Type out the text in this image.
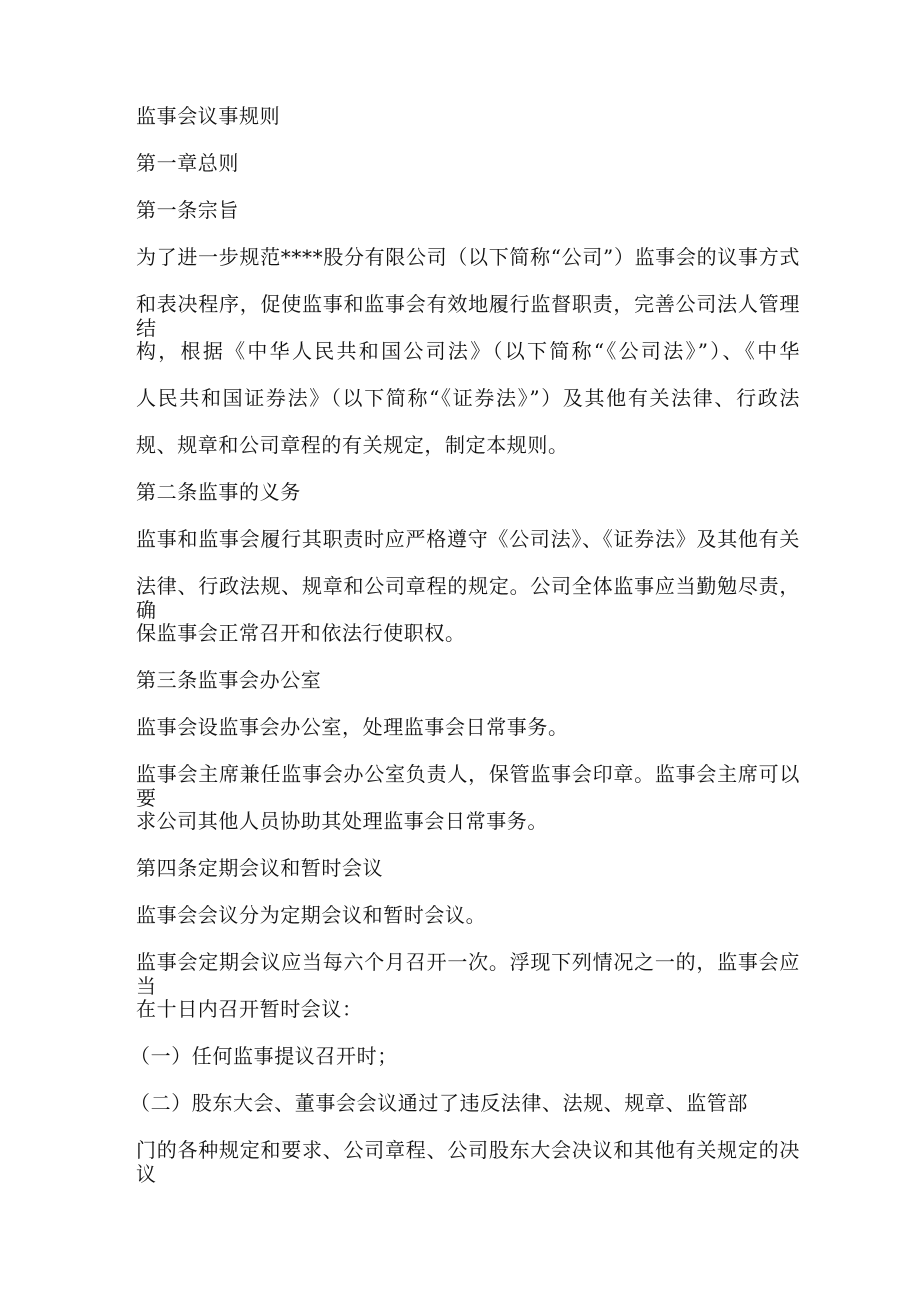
监事会议事规则
第一章总则
第一条宗旨
为了进一步规范****股分有限公司（以下简称“公司”）监事会的议事方式
和表决程序，促使监事和监事会有效地履行监督职责，完善公司法人管理结
构，根据《中华人民共和国公司法》（以下简称“《公司法》”）、《中华
人民共和国证券法》（以下简称“《证券法》”）及其他有关法律、行政法
规、规章和公司章程的有关规定，制定本规则。
第二条监事的义务
监事和监事会履行其职责时应严格遵守《公司法》、《证券法》及其他有关
法律、行政法规、规章和公司章程的规定。公司全体监事应当勤勉尽责，确
保监事会正常召开和依法行使职权。
第三条监事会办公室
监事会设监事会办公室，处理监事会日常事务。
监事会主席兼任监事会办公室负责人，保管监事会印章。监事会主席可以要
求公司其他人员协助其处理监事会日常事务。
第四条定期会议和暂时会议
监事会会议分为定期会议和暂时会议。
监事会定期会议应当每六个月召开一次。浮现下列情况之一的，监事会应当
在十日内召开暂时会议：
（一）任何监事提议召开时；
（二）股东大会、董事会会议通过了违反法律、法规、规章、监管部
门的各种规定和要求、公司章程、公司股东大会决议和其他有关规定的决议
